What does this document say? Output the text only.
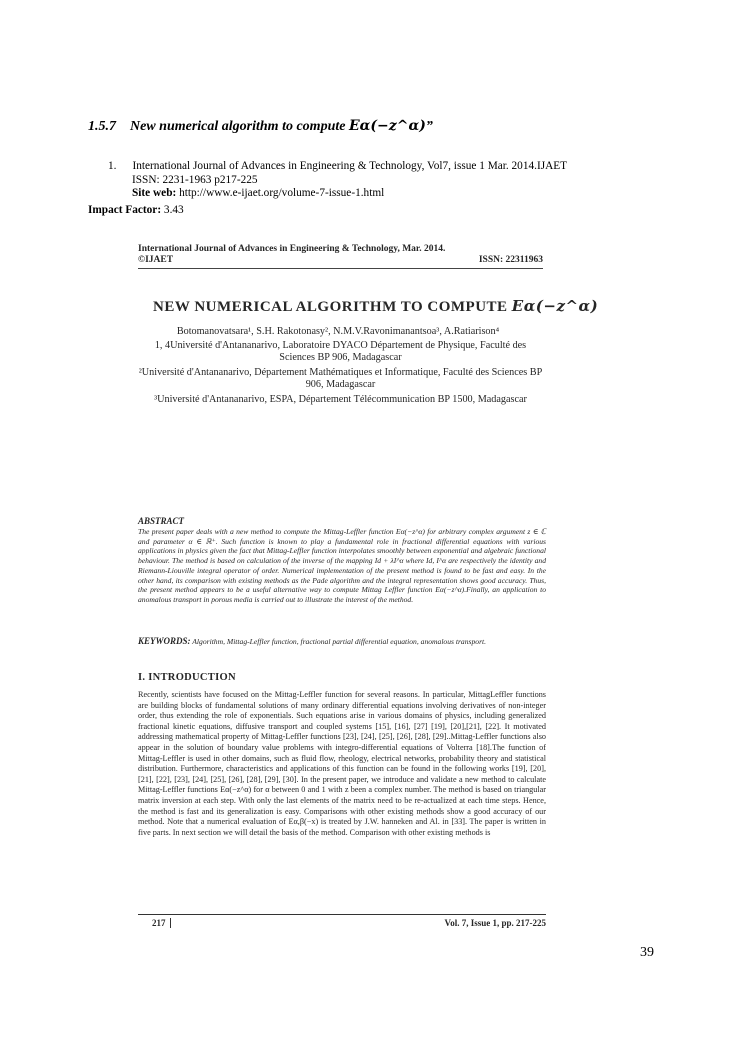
1.5.7 New numerical algorithm to compute Eα(−z^α)”
1.	International Journal of Advances in Engineering & Technology, Vol7, issue 1 Mar. 2014.IJAET
ISSN: 2231-1963 p217-225
Site web: http://www.e-ijaet.org/volume-7-issue-1.html
Impact Factor: 3.43
International Journal of Advances in Engineering & Technology, Mar. 2014.
©IJAET	ISSN: 22311963
NEW NUMERICAL ALGORITHM TO COMPUTE Eα(−z^α)
Botomanovatsara¹, S.H. Rakotonasy², N.M.V.Ravonimanantsoa³, A.Ratiarison⁴
1, 4Université d'Antananarivo, Laboratoire DYACO Département de Physique, Faculté des Sciences BP 906, Madagascar
²Université d'Antananarivo, Département Mathématiques et Informatique, Faculté des Sciences BP 906, Madagascar
³Université d'Antananarivo, ESPA, Département Télécommunication BP 1500, Madagascar
ABSTRACT
The present paper deals with a new method to compute the Mittag-Leffler function Eα(−z^α) for arbitrary complex argument z ∈ ℂ and parameter α ∈ ℝ⁺. Such function is known to play a fundamental role in fractional differential equations with various applications in physics given the fact that Mittag-Leffler function interpolates smoothly between exponential and algebraic functional behaviour. The method is based on calculation of the inverse of the mapping Id + λI^α where Id, I^α are respectively the identity and Riemann-Liouville integral operator of order. Numerical implementation of the present method is found to be fast and easy. In the other hand, its comparison with existing methods as the Pade algorithm and the integral representation shows good accuracy. Thus, the present method appears to be a useful alternative way to compute Mittag Leffler function Eα(−z^α).Finally, an application to anomalous transport in porous media is carried out to illustrate the interest of the method.
KEYWORDS: Algorithm, Mittag-Leffler function, fractional partial differential equation, anomalous transport.
I. INTRODUCTION
Recently, scientists have focused on the Mittag-Leffler function for several reasons. In particular, MittagLeffler functions are building blocks of fundamental solutions of many ordinary differential equations involving derivatives of non-integer order, thus extending the role of exponentials. Such equations arise in various domains of physics, including generalized fractional kinetic equations, diffusive transport and coupled systems [15], [16], [27] [19], [20],[21], [22]. It motivated addressing mathematical property of Mittag-Leffler functions [23], [24], [25], [26], [28], [29]..Mittag-Leffler functions also appear in the solution of boundary value problems with integro-differential equations of Volterra [18].The function of Mittag-Leffler is used in other domains, such as fluid flow, rheology, electrical networks, probability theory and statistical distribution. Furthermore, characteristics and applications of this function can be found in the following works [19], [20], [21], [22], [23], [24], [25], [26], [28], [29], [30]. In the present paper, we introduce and validate a new method to calculate Mittag-Leffler functions Eα(−z^α) for α between 0 and 1 with z been a complex number. The method is based on triangular matrix inversion at each step. With only the last elements of the matrix need to be re-actualized at each time steps. Hence, the method is fast and its generalization is easy. Comparisons with other existing methods show a good accuracy of our method. Note that a numerical evaluation of Eα,β(−x) is treated by J.W. hanneken and Al. in [33]. The paper is written in five parts. In next section we will detail the basis of the method. Comparison with other existing methods is
217	Vol. 7, Issue 1, pp. 217-225
39
